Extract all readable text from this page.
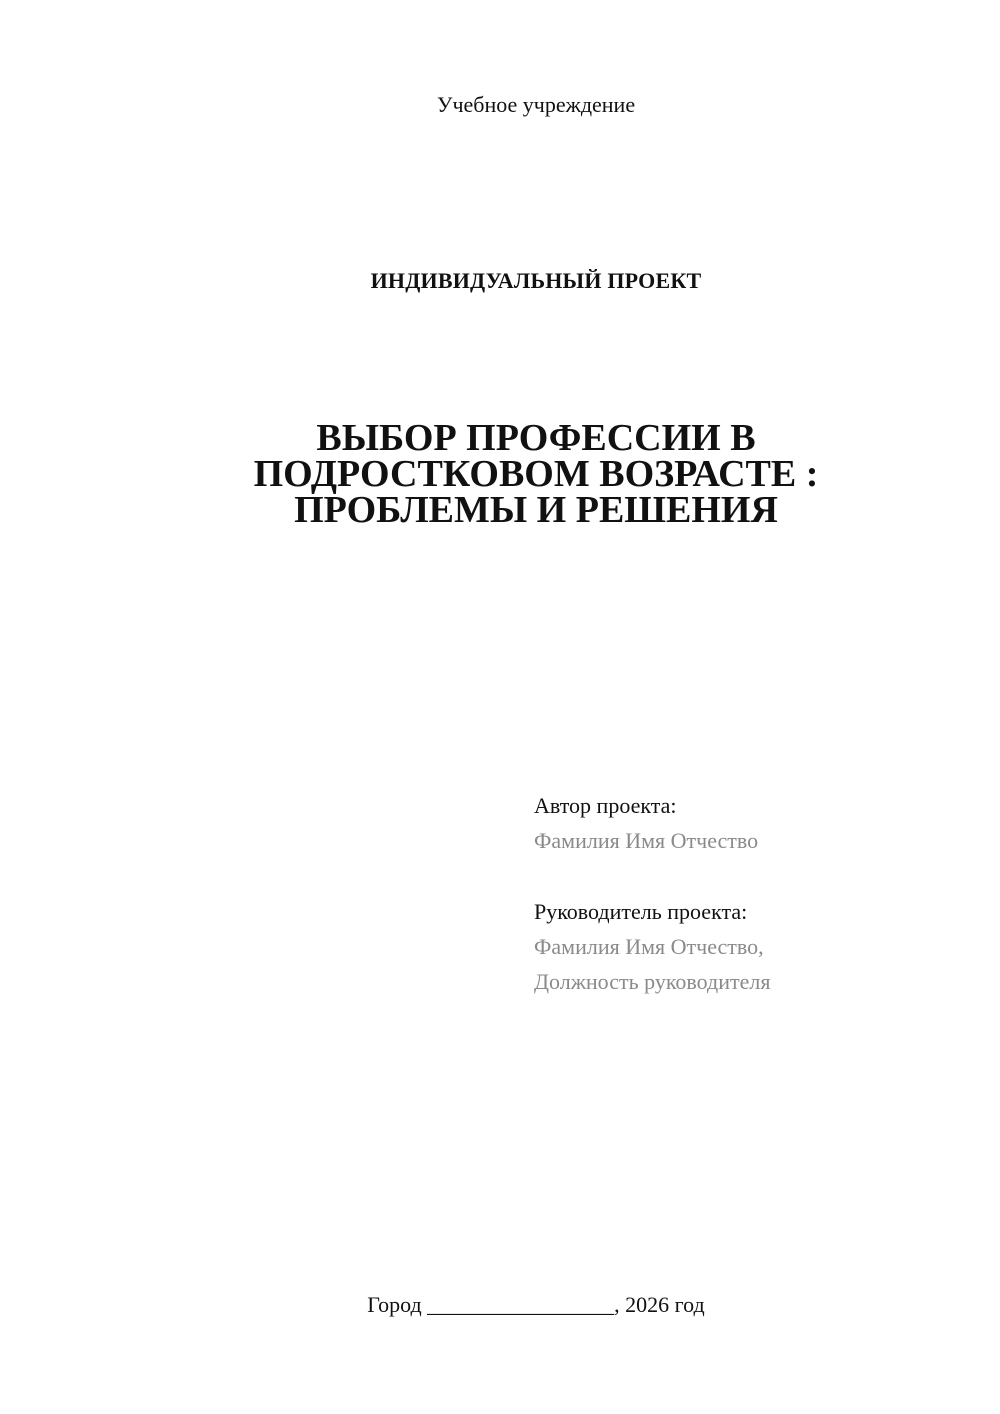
Учебное учреждение
ИНДИВИДУАЛЬНЫЙ ПРОЕКТ
ВЫБОР ПРОФЕССИИ В
ПОДРОСТКОВОМ ВОЗРАСТЕ :
ПРОБЛЕМЫ И РЕШЕНИЯ
Автор проекта:
Фамилия Имя Отчество
Руководитель проекта:
Фамилия Имя Отчество,
Должность руководителя
Город _________________, 2026 год
